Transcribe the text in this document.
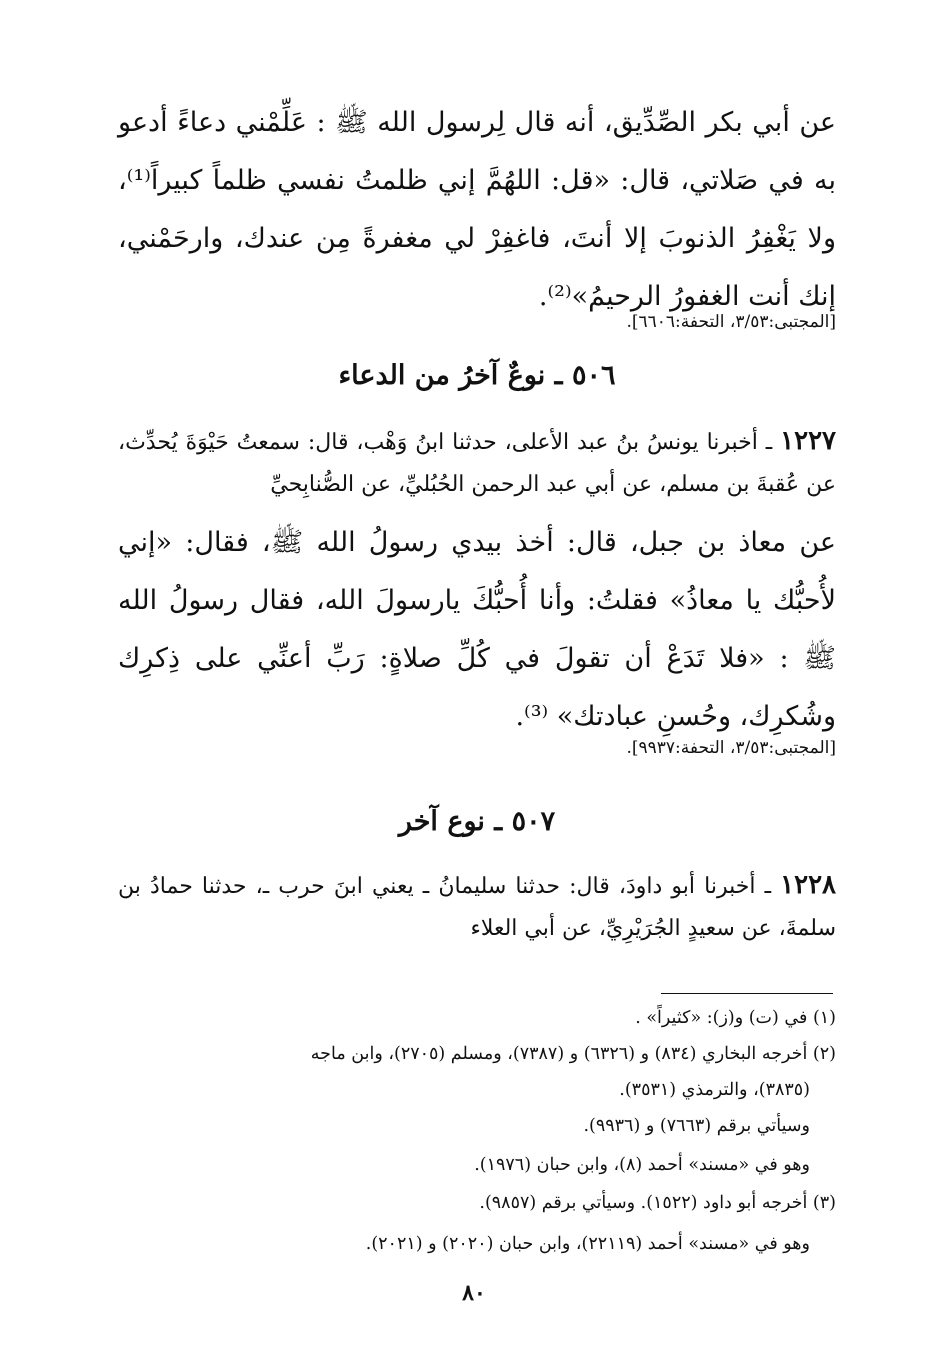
عن أبي بكر الصِّدِّيق، أنه قال لِرسول الله ﷺ : عَلِّمْني دعاءً أدعو به في صَلاتي، قال: «قل: اللهُمَّ إني ظلمتُ نفسي ظلماً كبيراً⁽¹⁾، ولا يَغْفِرُ الذنوبَ إلا أنتَ، فاغفِرْ لي مغفرةً مِن عندك، وارحَمْني، إنك أنت الغفورُ الرحيمُ»⁽²⁾.

[المجتبى:٣/٥٣، التحفة:٦٦٠٦].

٥٠٦ ـ نوعٌ آخرُ من الدعاء

١٢٢٧ ـ أخبرنا يونسُ بنُ عبد الأعلى، حدثنا ابنُ وَهْب، قال: سمعتُ حَيْوَةَ يُحدِّث، عن عُقبةَ بن مسلم، عن أبي عبد الرحمن الحُبُليِّ، عن الصُّنابِحيِّ

عن معاذ بن جبل، قال: أخذ بيدي رسولُ الله ﷺ، فقال: «إني لأُحبُّك يا معاذُ» فقلتُ: وأنا أُحبُّكَ يارسولَ الله، فقال رسولُ الله ﷺ : «فلا تَدَعْ أن تقولَ في كُلِّ صلاةٍ: رَبِّ أعنِّي على ذِكرِك وشُكرِك، وحُسنِ عبادتك» ⁽³⁾.

[المجتبى:٣/٥٣، التحفة:٩٩٣٧].

٥٠٧ ـ نوع آخر

١٢٢٨ ـ أخبرنا أبو داودَ، قال: حدثنا سليمانُ ـ يعني ابنَ حرب ـ، حدثنا حمادُ بن سلمةَ، عن سعيدٍ الجُرَيْرِيِّ، عن أبي العلاء

(١) في (ت) و(ز): «كثيراً» .

(٢) أخرجه البخاري (٨٣٤) و (٦٣٢٦) و (٧٣٨٧)، ومسلم (٢٧٠٥)، وابن ماجه

(٣٨٣٥)، والترمذي (٣٥٣١).

وسيأتي برقم (٧٦٦٣) و (٩٩٣٦).

وهو في «مسند» أحمد (٨)، وابن حبان (١٩٧٦).

(٣) أخرجه أبو داود (١٥٢٢). وسيأتي برقم (٩٨٥٧).

وهو في «مسند» أحمد (٢٢١١٩)، وابن حبان (٢٠٢٠) و (٢٠٢١).

٨٠
